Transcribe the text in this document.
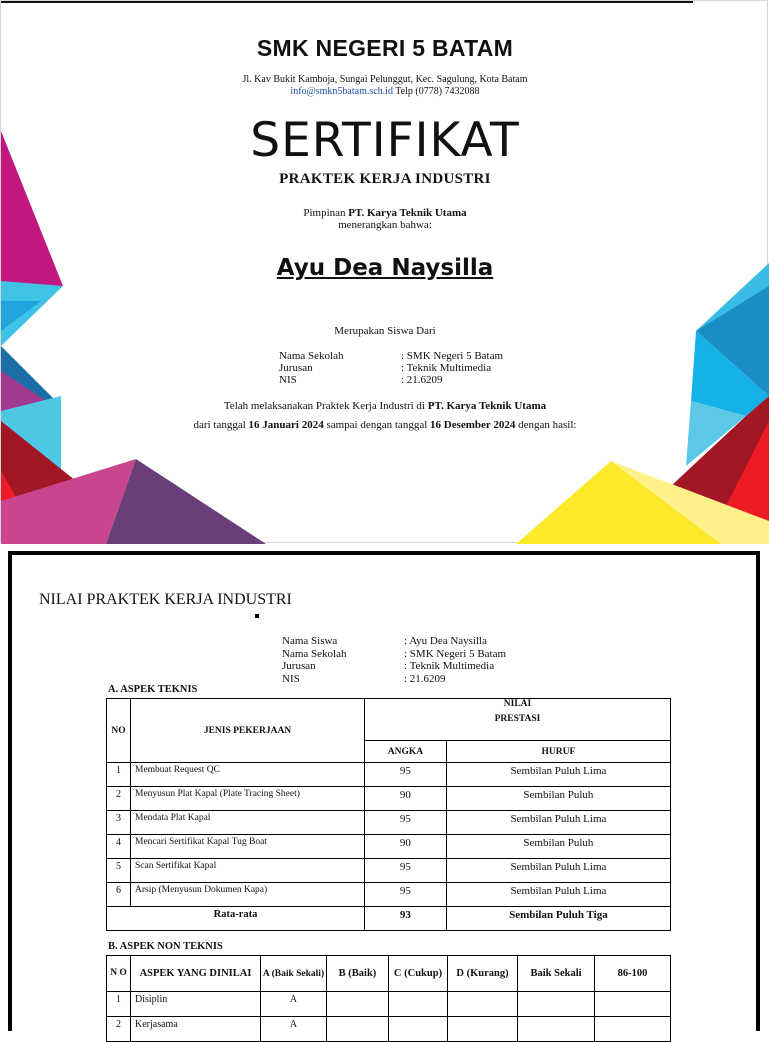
SMK NEGERI 5 BATAM
Jl. Kav Bukit Kamboja, Sungai Pelunggut, Kec. Sagulung, Kota Batam
info@smkn5batam.sch.id Telp (0778) 7432088
SERTIFIKAT
PRAKTEK KERJA INDUSTRI
Pimpinan PT. Karya Teknik Utama
menerangkan bahwa:
Ayu Dea Naysilla
Merupakan Siswa Dari
Nama Sekolah	: SMK Negeri 5 Batam
Jurusan	: Teknik Multimedia
NIS	: 21.6209
Telah melaksanakan Praktek Kerja Industri di PT. Karya Teknik Utama
dari tanggal 16 Januari 2024 sampai dengan tanggal 16 Desember 2024 dengan hasil:
NILAI PRAKTEK KERJA INDUSTRI
Nama Siswa	: Ayu Dea Naysilla
Nama Sekolah	: SMK Negeri 5 Batam
Jurusan	: Teknik Multimedia
NIS	: 21.6209
A. ASPEK TEKNIS
NO	JENIS PEKERJAAN	NILAI
PRESTASI	

		ANGKA	HURUF
1	Membuat Request QC	95	Sembilan Puluh Lima
2	Menyusun Plat Kapal (Plate Tracing Sheet)	90	Sembilan Puluh
3	Mendata Plat Kapal	95	Sembilan Puluh Lima
4	Mencari Sertifikat Kapal Tug Boat	90	Sembilan Puluh
5	Scan Sertifikat Kapal	95	Sembilan Puluh Lima
6	Arsip (Menyusun Dokumen Kapa)	95	Sembilan Puluh Lima
Rata-rata		93	Sembilan Puluh Tiga
B. ASPEK NON TEKNIS
N O	ASPEK YANG DINILAI	A (Baik Sekali)	B (Baik)	C (Cukup)	D (Kurang)	Baik Sekali	86-100
1	Disiplin	A					
2	Kerjasama	A					
